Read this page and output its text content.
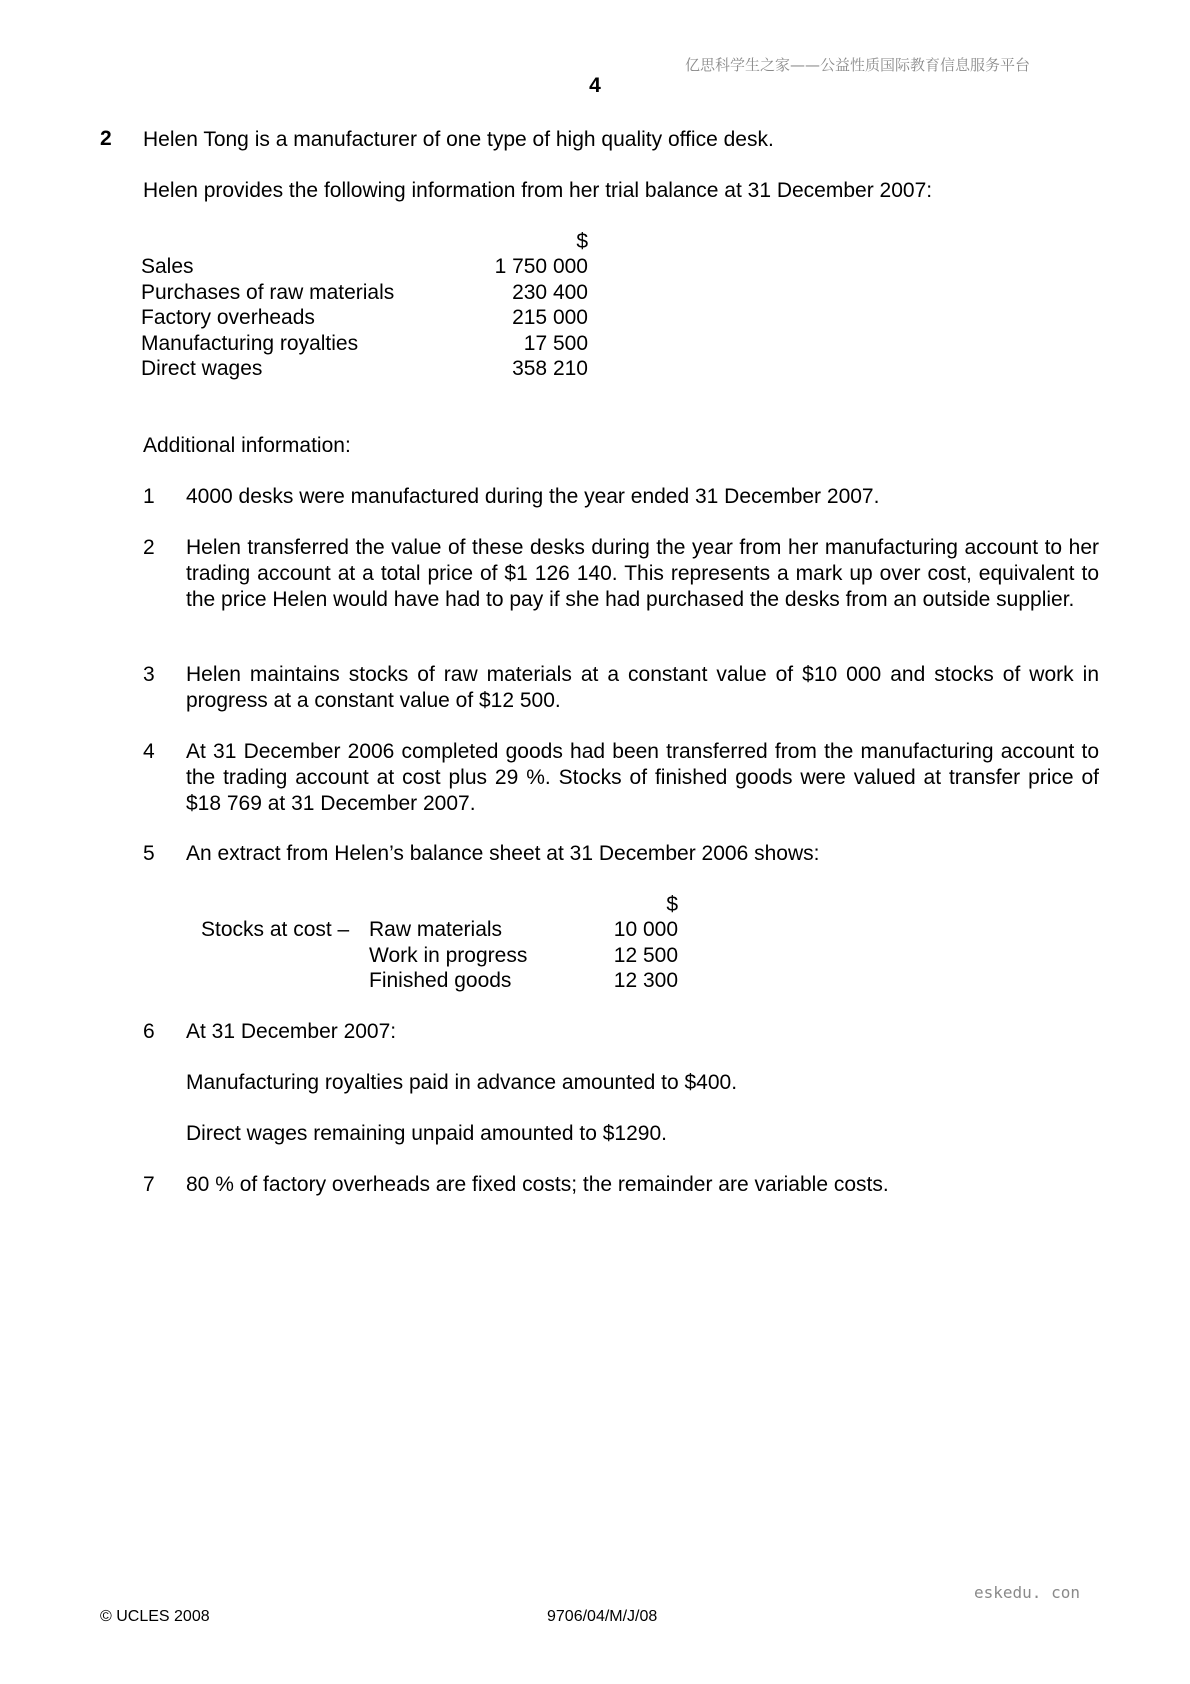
亿思科学生之家——公益性质国际教育信息服务平台
4
2 Helen Tong is a manufacturer of one type of high quality office desk.
Helen provides the following information from her trial balance at 31 December 2007:
$
Sales	1 750 000
Purchases of raw materials	230 400
Factory overheads	215 000
Manufacturing royalties	17 500
Direct wages	358 210
Additional information:
1 4000 desks were manufactured during the year ended 31 December 2007.
2 Helen transferred the value of these desks during the year from her manufacturing account to her trading account at a total price of $1 126 140. This represents a mark up over cost, equivalent to the price Helen would have had to pay if she had purchased the desks from an outside supplier.
3 Helen maintains stocks of raw materials at a constant value of $10 000 and stocks of work in progress at a constant value of $12 500.
4 At 31 December 2006 completed goods had been transferred from the manufacturing account to the trading account at cost plus 29 %. Stocks of finished goods were valued at transfer price of $18 769 at 31 December 2007.
5 An extract from Helen’s balance sheet at 31 December 2006 shows:
$
Stocks at cost – Raw materials	10 000
Work in progress	12 500
Finished goods	12 300
6 At 31 December 2007:
Manufacturing royalties paid in advance amounted to $400.
Direct wages remaining unpaid amounted to $1290.
7 80 % of factory overheads are fixed costs; the remainder are variable costs.
eskedu. con
© UCLES 2008	9706/04/M/J/08
